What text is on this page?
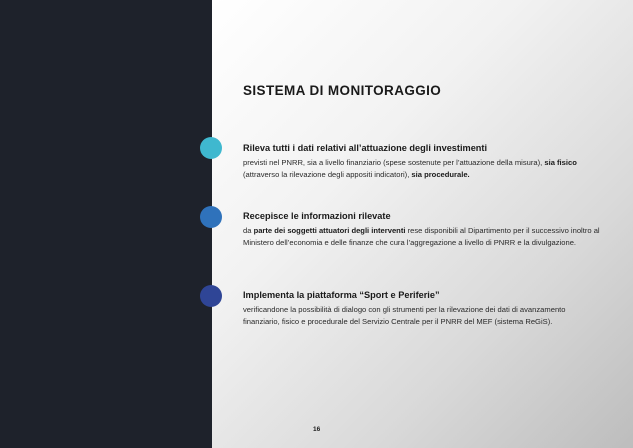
SISTEMA DI MONITORAGGIO
Rileva tutti i dati relativi all’attuazione degli investimenti
previsti nel PNRR, sia a livello finanziario (spese sostenute per l’attuazione della misura), sia fisico (attraverso la rilevazione degli appositi indicatori), sia procedurale.
Recepisce le informazioni rilevate
da parte dei soggetti attuatori degli interventi rese disponibili al Dipartimento per il successivo inoltro al Ministero dell’economia e delle finanze che cura l’aggregazione a livello di PNRR e la divulgazione.
Implementa la piattaforma “Sport e Periferie”
verificandone la possibilità di dialogo con gli strumenti per la rilevazione dei dati di avanzamento finanziario, fisico e procedurale del Servizio Centrale per il PNRR del MEF (sistema ReGiS).
16
